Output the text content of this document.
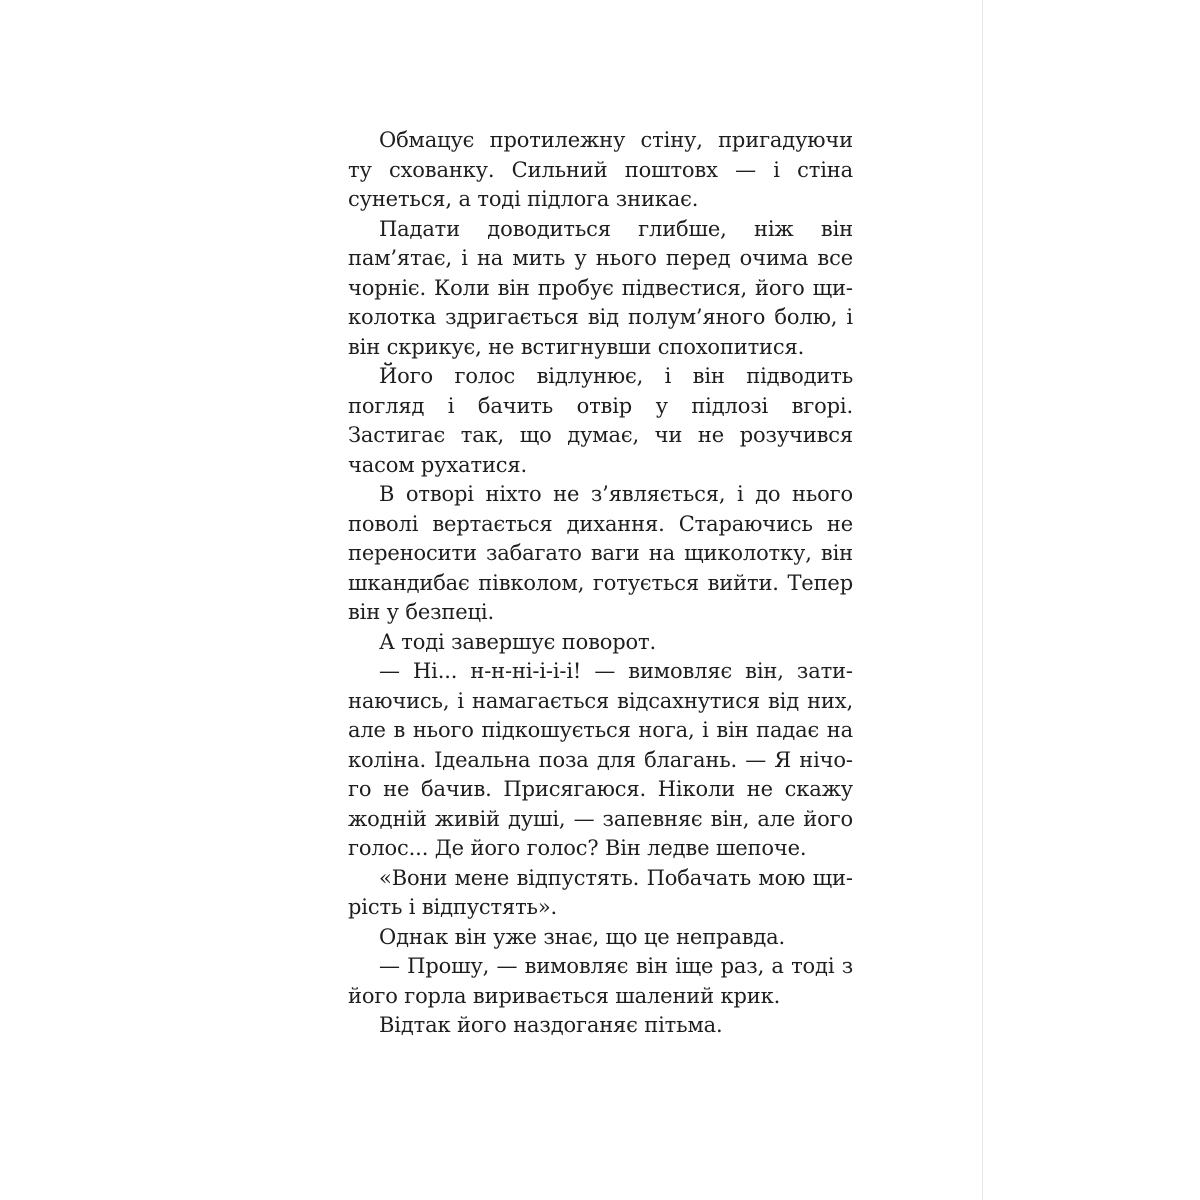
Обмацує протилежну стіну, пригадуючи ту схованку. Сильний поштовх — і стіна сунеться, а тоді підлога зникає.

Падати доводиться глибше, ніж він пам’ятає, і на мить у нього перед очима все чорніє. Коли він пробує підвестися, його щиколотка здригається від полум’яного болю, і він скрикує, не встигнувши спохопитися.

Його голос відлунює, і він підводить погляд і бачить отвір у підлозі вгорі. Застигає так, що думає, чи не розучився часом рухатися.

В отворі ніхто не з’являється, і до нього поволі вертається дихання. Стараючись не переносити забагато ваги на щиколотку, він шкандибає півколом, готується вийти. Тепер він у безпеці.

А тоді завершує поворот.

— Ні... н-н-ні-і-і-і! — вимовляє він, затинаючись, і намагається відсахнутися від них, але в нього підкошується нога, і він падає на коліна. Ідеальна поза для благань. — Я нічого не бачив. Присягаюся. Ніколи не скажу жодній живій душі, — запевняє він, але його голос... Де його голос? Він ледве шепоче.

«Вони мене відпустять. Побачать мою щирість і відпустять».

Однак він уже знає, що це неправда.

— Прошу, — вимовляє він іще раз, а тоді з його горла виривається шалений крик.

Відтак його наздоганяє пітьма.
